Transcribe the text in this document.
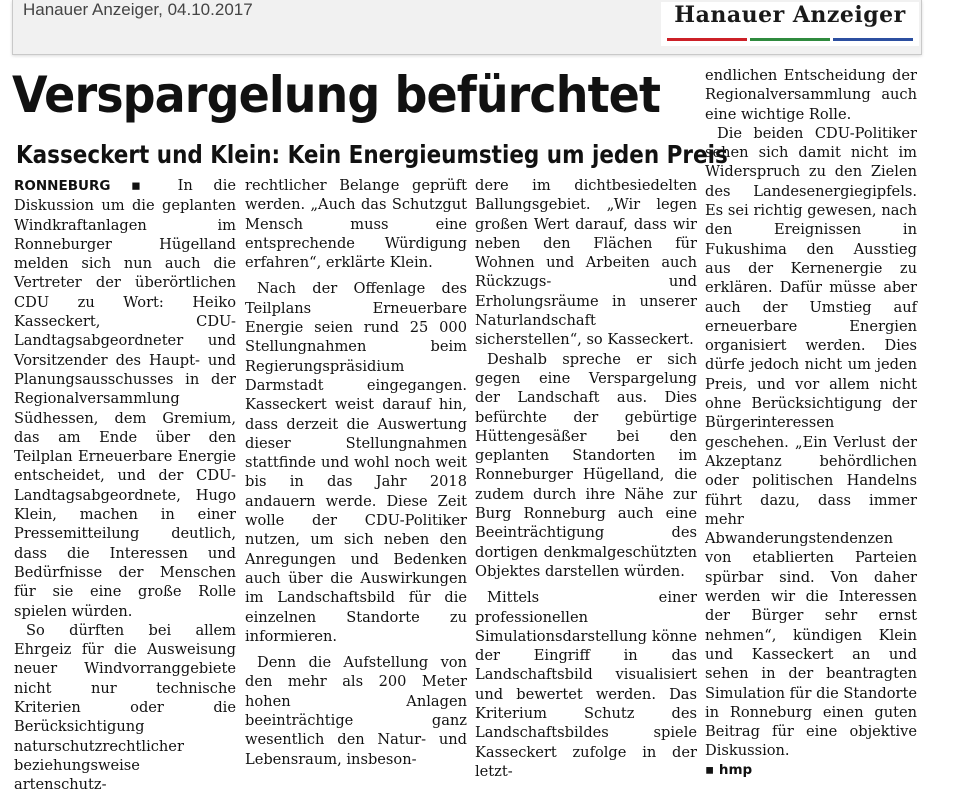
Hanauer Anzeiger, 04.10.2017	Hanauer Anzeiger
Verspargelung befürchtet
Kasseckert und Klein: Kein Energieumstieg um jeden Preis

RONNEBURG ▪ In die Diskussion um die geplanten Windkraftanlagen im Ronneburger Hügelland melden sich nun auch die Vertreter der überörtlichen CDU zu Wort: Heiko Kasseckert, CDU-Landtagsabgeordneter und Vorsitzender des Haupt- und Planungsausschusses in der Regionalversammlung Südhessen, dem Gremium, das am Ende über den Teilplan Erneuerbare Energie entscheidet, und der CDU-Landtagsabgeordnete, Hugo Klein, machen in einer Pressemitteilung deutlich, dass die Interessen und Bedürfnisse der Menschen für sie eine große Rolle spielen würden.

So dürften bei allem Ehrgeiz für die Ausweisung neuer Windvorranggebiete nicht nur technische Kriterien oder die Berücksichtigung naturschutzrechtlicher beziehungsweise artenschutz-

rechtlicher Belange geprüft werden. „Auch das Schutzgut Mensch muss eine entsprechende Würdigung erfahren“, erklärte Klein.

Nach der Offenlage des Teilplans Erneuerbare Energie seien rund 25 000 Stellungnahmen beim Regierungspräsidium Darmstadt eingegangen. Kasseckert weist darauf hin, dass derzeit die Auswertung dieser Stellungnahmen stattfinde und wohl noch weit bis in das Jahr 2018 andauern werde. Diese Zeit wolle der CDU-Politiker nutzen, um sich neben den Anregungen und Bedenken auch über die Auswirkungen im Landschaftsbild für die einzelnen Standorte zu informieren.

Denn die Aufstellung von den mehr als 200 Meter hohen Anlagen beeinträchtige ganz wesentlich den Natur- und Lebensraum, insbeson-

dere im dichtbesiedelten Ballungsgebiet. „Wir legen großen Wert darauf, dass wir neben den Flächen für Wohnen und Arbeiten auch Rückzugs- und Erholungsräume in unserer Naturlandschaft sicherstellen“, so Kasseckert.

Deshalb spreche er sich gegen eine Verspargelung der Landschaft aus. Dies befürchte der gebürtige Hüttengesäßer bei den geplanten Standorten im Ronneburger Hügelland, die zudem durch ihre Nähe zur Burg Ronneburg auch eine Beeinträchtigung des dortigen denkmalgeschützten Objektes darstellen würden.

Mittels einer professionellen Simulationsdarstellung könne der Eingriff in das Landschaftsbild visualisiert und bewertet werden. Das Kriterium Schutz des Landschaftsbildes spiele Kasseckert zufolge in der letzt-

endlichen Entscheidung der Regionalversammlung auch eine wichtige Rolle.

Die beiden CDU-Politiker sehen sich damit nicht im Widerspruch zu den Zielen des Landesenergiegipfels. Es sei richtig gewesen, nach den Ereignissen in Fukushima den Ausstieg aus der Kernenergie zu erklären. Dafür müsse aber auch der Umstieg auf erneuerbare Energien organisiert werden. Dies dürfe jedoch nicht um jeden Preis, und vor allem nicht ohne Berücksichtigung der Bürgerinteressen geschehen. „Ein Verlust der Akzeptanz behördlichen oder politischen Handelns führt dazu, dass immer mehr Abwanderungstendenzen von etablierten Parteien spürbar sind. Von daher werden wir die Interessen der Bürger sehr ernst nehmen“, kündigen Klein und Kasseckert an und sehen in der beantragten Simulation für die Standorte in Ronneburg einen guten Beitrag für eine objektive Diskussion.

▪ hmp
